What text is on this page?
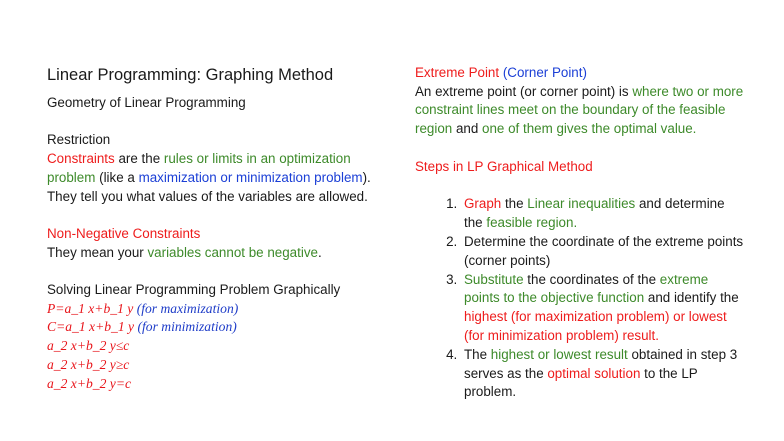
Linear Programming: Graphing Method

Geometry of Linear Programming

Restriction

Constraints are the rules or limits in an optimization problem (like a maximization or minimization problem).

They tell you what values of the variables are allowed.

Non-Negative Constraints

They mean your variables cannot be negative.

Solving Linear Programming Problem Graphically

P=a_1 x+b_1 y (for maximization)

C=a_1 x+b_1 y (for minimization)

a_2 x+b_2 y≤c

a_2 x+b_2 y≥c

a_2 x+b_2 y=c

Extreme Point (Corner Point)

An extreme point (or corner point) is where two or more constraint lines meet on the boundary of the feasible region and one of them gives the optimal value.

Steps in LP Graphical Method

1. Graph the Linear inequalities and determine the feasible region.
2. Determine the coordinate of the extreme points (corner points)
3. Substitute the coordinates of the extreme points to the objective function and identify the highest (for maximization problem) or lowest (for minimization problem) result.
4. The highest or lowest result obtained in step 3 serves as the optimal solution to the LP problem.
